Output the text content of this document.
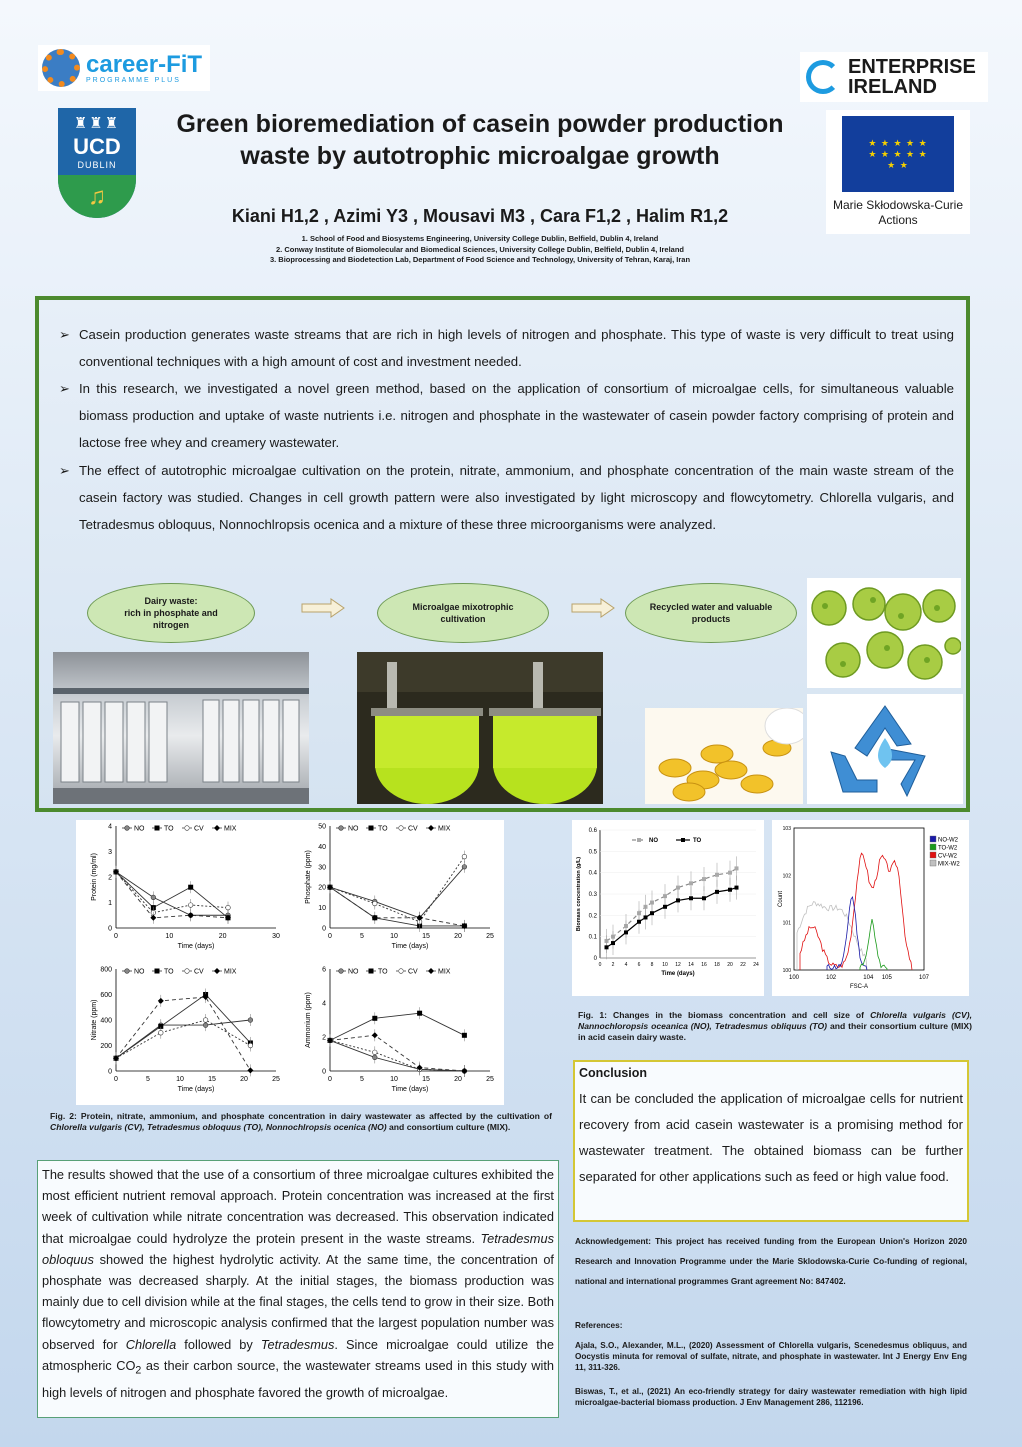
career-FiT
PROGRAMME PLUS
♜♜♜
UCD
DUBLIN
♫
ENTERPRISE
IRELAND
★ ★ ★ ★ ★ ★ ★ ★ ★ ★ ★ ★
Marie Skłodowska-Curie
Actions
Green bioremediation of casein powder production
waste by autotrophic microalgae growth
Kiani H1,2 , Azimi Y3 , Mousavi M3 , Cara F1,2 , Halim R1,2
1. School of Food and Biosystems Engineering, University College Dublin, Belfield, Dublin 4, Ireland
2. Conway Institute of Biomolecular and Biomedical Sciences, University College Dublin, Belfield, Dublin 4, Ireland
3. Bioprocessing and Biodetection Lab, Department of Food Science and Technology, University of Tehran, Karaj, Iran
➢ Casein production generates waste streams that are rich in high levels of nitrogen and phosphate. This type of waste is very difficult to treat using conventional techniques with a high amount of cost and investment needed.
➢ In this research, we investigated a novel green method, based on the application of consortium of microalgae cells, for simultaneous valuable biomass production and uptake of waste nutrients i.e. nitrogen and phosphate in the wastewater of casein powder factory comprising of protein and lactose free whey and creamery wastewater.
➢ The effect of autotrophic microalgae cultivation on the protein, nitrate, ammonium, and phosphate concentration of the main waste stream of the casein factory was studied. Changes in cell growth pattern were also investigated by light microscopy and flowcytometry. Chlorella vulgaris, and Tetradesmus obloquus, Nonnochlropsis ocenica and a mixture of these three microorganisms were analyzed.
Dairy waste:
rich in phosphate and
nitrogen
Microalgae mixotrophic cultivation
Recycled water and valuable products
0	10	20	30
0
1
2
3
4
Time (days)
Protein (mg/ml)
NO	TO	CV	MIX
0	5	10	15	20	25
0
10
20
30
40
50
Time (days)
Phosphate (ppm)
NO	TO	CV	MIX
0	5	10	15	20	25
0
200
400
600
800
Time (days)
Nitrate (ppm)
NO	TO	CV	MIX
0	5	10	15	20	25
0
2
4
6
Time (days)
Ammonium (ppm)
NO	TO	CV	MIX
Fig. 2: Protein, nitrate, ammonium, and phosphate concentration in dairy wastewater as affected by the cultivation of Chlorella vulgaris (CV), Tetradesmus obloquus (TO), Nonnochlropsis ocenica (NO) and consortium culture (MIX).
0
0.1
0.2
0.3
0.4
0.5
0.6
0 2 4 6 8 10 12 14 16 18 20 22 24
Time (days)
Biomass concentration (g/L)
NO	TO
100	102	104 105	107
100
101
102
103
FSC-A
Count
NO-W2
TO-W2
CV-W2
MIX-W2
Fig. 1: Changes in the biomass concentration and cell size of Chlorella vulgaris (CV), Nannochloropsis oceanica (NO), Tetradesmus obliquus (TO) and their consortium culture (MIX) in acid casein dairy waste.
The results showed that the use of a consortium of three microalgae cultures exhibited the most efficient nutrient removal approach. Protein concentration was increased at the first week of cultivation while nitrate concentration was decreased. This observation indicated that microalgae could hydrolyze the protein present in the waste streams. Tetradesmus obloquus showed the highest hydrolytic activity. At the same time, the concentration of phosphate was decreased sharply. At the initial stages, the biomass production was mainly due to cell division while at the final stages, the cells tend to grow in their size. Both flowcytometry and microscopic analysis confirmed that the largest population number was observed for Chlorella followed by Tetradesmus. Since microalgae could utilize the atmospheric $CO_2$ as their carbon source, the wastewater streams used in this study with high levels of nitrogen and phosphate favored the growth of microalgae.
Conclusion
It can be concluded the application of microalgae cells for nutrient recovery from acid casein wastewater is a promising method for wastewater treatment. The obtained biomass can be further separated for other applications such as feed or high value food.
Acknowledgement: This project has received funding from the European Union's Horizon 2020 Research and Innovation Programme under the Marie Sklodowska-Curie Co-funding of regional, national and international programmes Grant agreement No: 847402.
References:
Ajala, S.O., Alexander, M.L., (2020) Assessment of Chlorella vulgaris, Scenedesmus obliquus, and Oocystis minuta for removal of sulfate, nitrate, and phosphate in wastewater. Int J Energy Env Eng 11, 311-326.
Biswas, T., et al., (2021) An eco-friendly strategy for dairy wastewater remediation with high lipid microalgae-bacterial biomass production. J Env Management 286, 112196.
